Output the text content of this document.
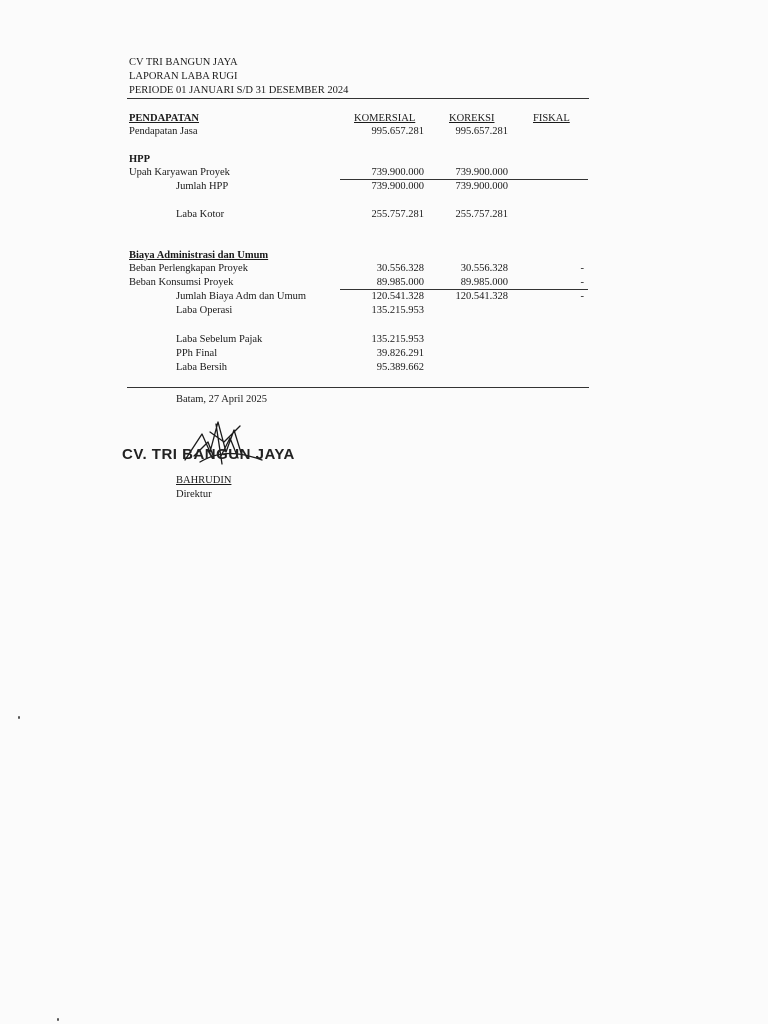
CV TRI BANGUN JAYA
LAPORAN LABA RUGI
PERIODE 01 JANUARI S/D 31 DESEMBER 2024
PENDAPATAN	KOMERSIAL	KOREKSI	FISKAL
Pendapatan Jasa	995.657.281	995.657.281
HPP
Upah Karyawan Proyek	739.900.000	739.900.000
Jumlah HPP	739.900.000	739.900.000
Laba Kotor	255.757.281	255.757.281
Biaya Administrasi dan Umum
Beban Perlengkapan Proyek	30.556.328	30.556.328	-
Beban Konsumsi Proyek	89.985.000	89.985.000	-
Jumlah Biaya Adm dan Umum	120.541.328	120.541.328	-
Laba Operasi	135.215.953
Laba Sebelum Pajak	135.215.953
PPh Final	39.826.291
Laba Bersih	95.389.662
Batam, 27 April 2025
CV. TRI BANGUN JAYA
BAHRUDIN
Direktur
